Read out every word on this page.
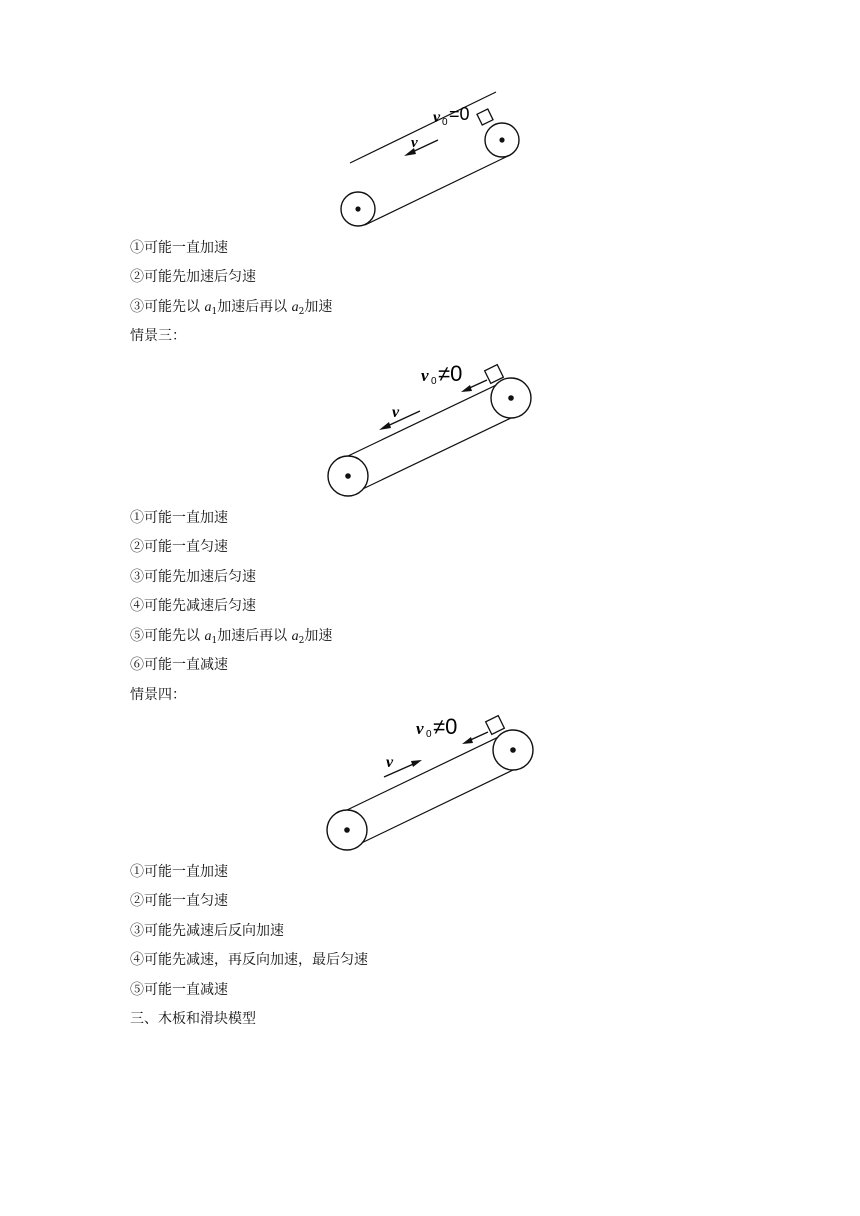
v
v 0 =0
①可能一直加速
②可能先加速后匀速
③可能先以 $a_1$加速后再以 $a_2$加速
情景三：
v
v 0 ≠0
①可能一直加速
②可能一直匀速
③可能先加速后匀速
④可能先减速后匀速
⑤可能先以 $a_1$加速后再以 $a_2$加速
⑥可能一直减速
情景四：
v
v 0 ≠0
①可能一直加速
②可能一直匀速
③可能先减速后反向加速
④可能先减速，再反向加速，最后匀速
⑤可能一直减速
三、木板和滑块模型
